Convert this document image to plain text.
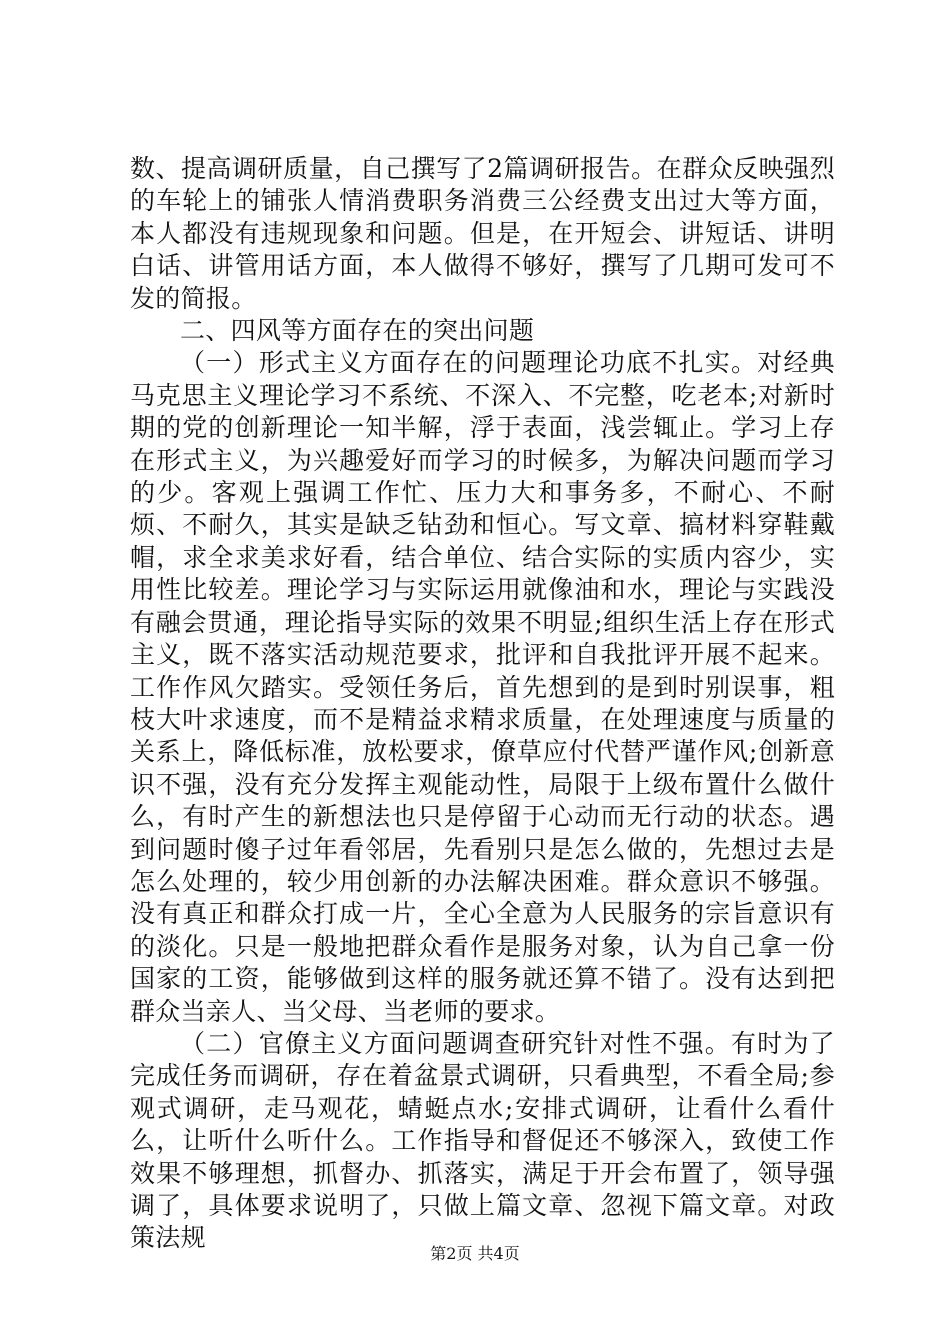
数、提高调研质量，自己撰写了2篇调研报告。在群众反映强烈的车轮上的铺张人情消费职务消费三公经费支出过大等方面，本人都没有违规现象和问题。但是，在开短会、讲短话、讲明白话、讲管用话方面，本人做得不够好，撰写了几期可发可不发的简报。

二、四风等方面存在的突出问题

（一）形式主义方面存在的问题理论功底不扎实。对经典马克思主义理论学习不系统、不深入、不完整，吃老本;对新时期的党的创新理论一知半解，浮于表面，浅尝辄止。学习上存在形式主义，为兴趣爱好而学习的时候多，为解决问题而学习的少。客观上强调工作忙、压力大和事务多，不耐心、不耐烦、不耐久，其实是缺乏钻劲和恒心。写文章、搞材料穿鞋戴帽，求全求美求好看，结合单位、结合实际的实质内容少，实用性比较差。理论学习与实际运用就像油和水，理论与实践没有融会贯通，理论指导实际的效果不明显;组织生活上存在形式主义，既不落实活动规范要求，批评和自我批评开展不起来。工作作风欠踏实。受领任务后，首先想到的是到时别误事，粗枝大叶求速度，而不是精益求精求质量，在处理速度与质量的关系上，降低标准，放松要求，僚草应付代替严谨作风;创新意识不强，没有充分发挥主观能动性，局限于上级布置什么做什么，有时产生的新想法也只是停留于心动而无行动的状态。遇到问题时傻子过年看邻居，先看别只是怎么做的，先想过去是怎么处理的，较少用创新的办法解决困难。群众意识不够强。没有真正和群众打成一片，全心全意为人民服务的宗旨意识有的淡化。只是一般地把群众看作是服务对象，认为自己拿一份国家的工资，能够做到这样的服务就还算不错了。没有达到把群众当亲人、当父母、当老师的要求。

（二）官僚主义方面问题调查研究针对性不强。有时为了完成任务而调研，存在着盆景式调研，只看典型，不看全局;参观式调研，走马观花，蜻蜓点水;安排式调研，让看什么看什么，让听什么听什么。工作指导和督促还不够深入，致使工作效果不够理想，抓督办、抓落实，满足于开会布置了，领导强调了，具体要求说明了，只做上篇文章、忽视下篇文章。对政策法规

第2页 共4页
